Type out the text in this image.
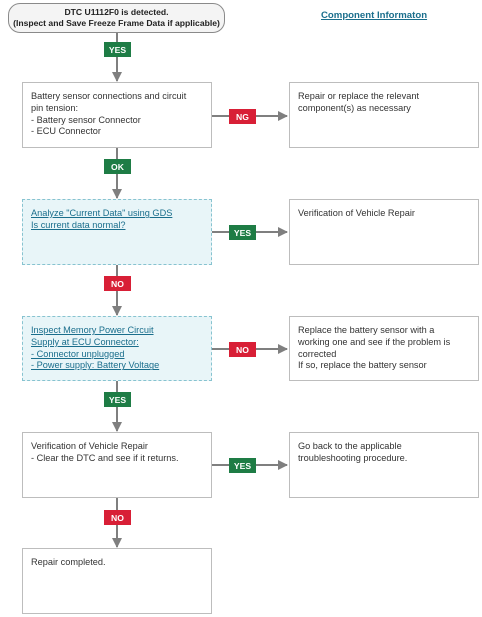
DTC U1112F0 is detected.
(Inspect and Save Freeze Frame Data if applicable)
Component Informaton
Battery sensor connections and circuit
pin tension:
- Battery sensor Connector
- ECU Connector
Repair or replace the relevant
component(s) as necessary
Analyze "Current Data" using GDS
Is current data normal?
Verification of Vehicle Repair
Inspect Memory Power Circuit
Supply at ECU Connector:
- Connector unplugged
- Power supply: Battery Voltage
Replace the battery sensor with a
working one and see if the problem is
corrected
If so, replace the battery sensor
Verification of Vehicle Repair
- Clear the DTC and see if it returns.
Go back to the applicable
troubleshooting procedure.
Repair completed.
YES
NG
OK
YES
NO
NO
YES
YES
NO
